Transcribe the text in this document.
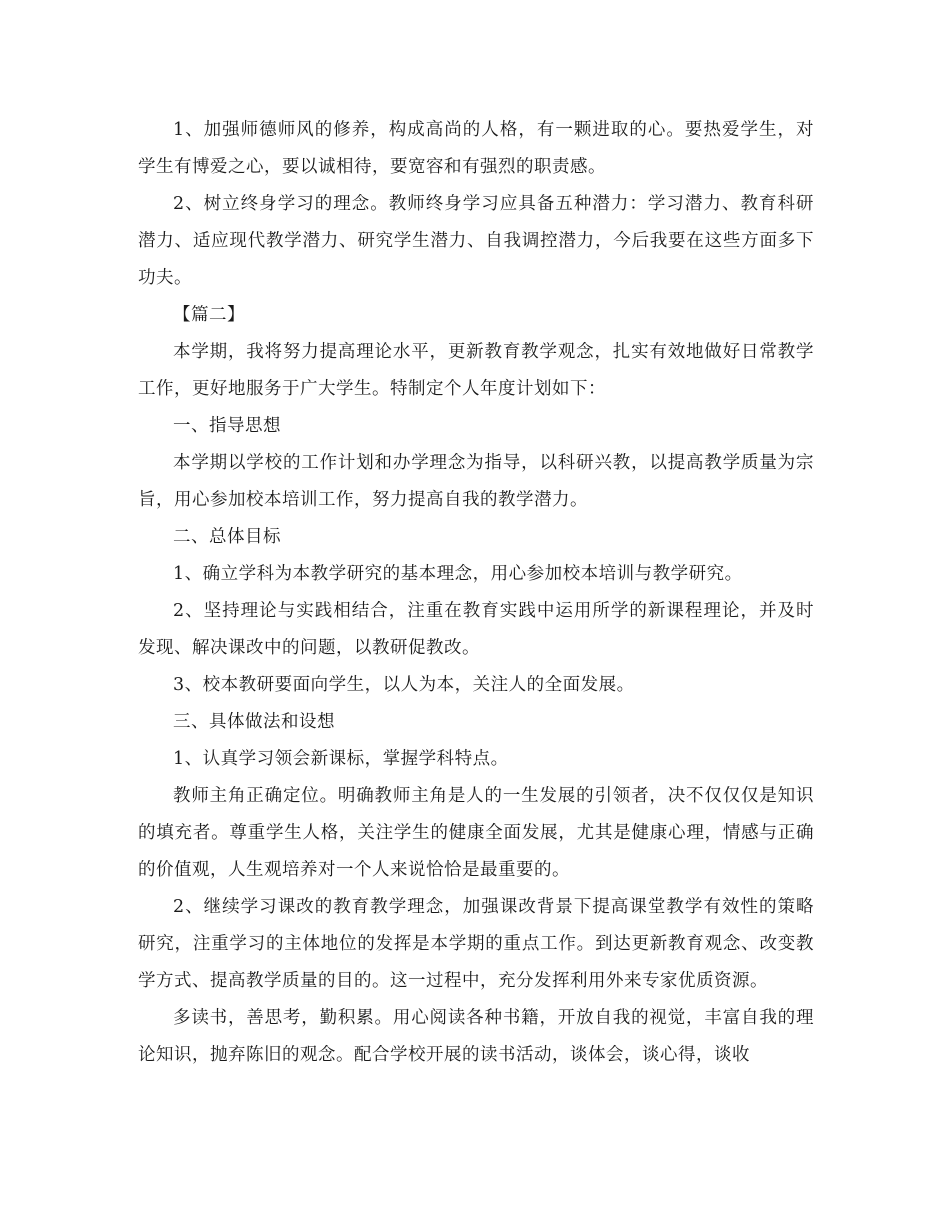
1、加强师德师风的修养，构成高尚的人格，有一颗进取的心。要热爱学生，对学生有博爱之心，要以诚相待，要宽容和有强烈的职责感。

2、树立终身学习的理念。教师终身学习应具备五种潜力：学习潜力、教育科研潜力、适应现代教学潜力、研究学生潜力、自我调控潜力，今后我要在这些方面多下功夫。

【篇二】

本学期，我将努力提高理论水平，更新教育教学观念，扎实有效地做好日常教学工作，更好地服务于广大学生。特制定个人年度计划如下：

一、指导思想

本学期以学校的工作计划和办学理念为指导，以科研兴教，以提高教学质量为宗旨，用心参加校本培训工作，努力提高自我的教学潜力。

二、总体目标

1、确立学科为本教学研究的基本理念，用心参加校本培训与教学研究。

2、坚持理论与实践相结合，注重在教育实践中运用所学的新课程理论，并及时发现、解决课改中的问题，以教研促教改。

3、校本教研要面向学生，以人为本，关注人的全面发展。

三、具体做法和设想

1、认真学习领会新课标，掌握学科特点。

教师主角正确定位。明确教师主角是人的一生发展的引领者，决不仅仅仅是知识的填充者。尊重学生人格，关注学生的健康全面发展，尤其是健康心理，情感与正确的价值观，人生观培养对一个人来说恰恰是最重要的。

2、继续学习课改的教育教学理念，加强课改背景下提高课堂教学有效性的策略研究，注重学习的主体地位的发挥是本学期的重点工作。到达更新教育观念、改变教学方式、提高教学质量的目的。这一过程中，充分发挥利用外来专家优质资源。

多读书，善思考，勤积累。用心阅读各种书籍，开放自我的视觉，丰富自我的理论知识，抛弃陈旧的观念。配合学校开展的读书活动，谈体会，谈心得，谈收
